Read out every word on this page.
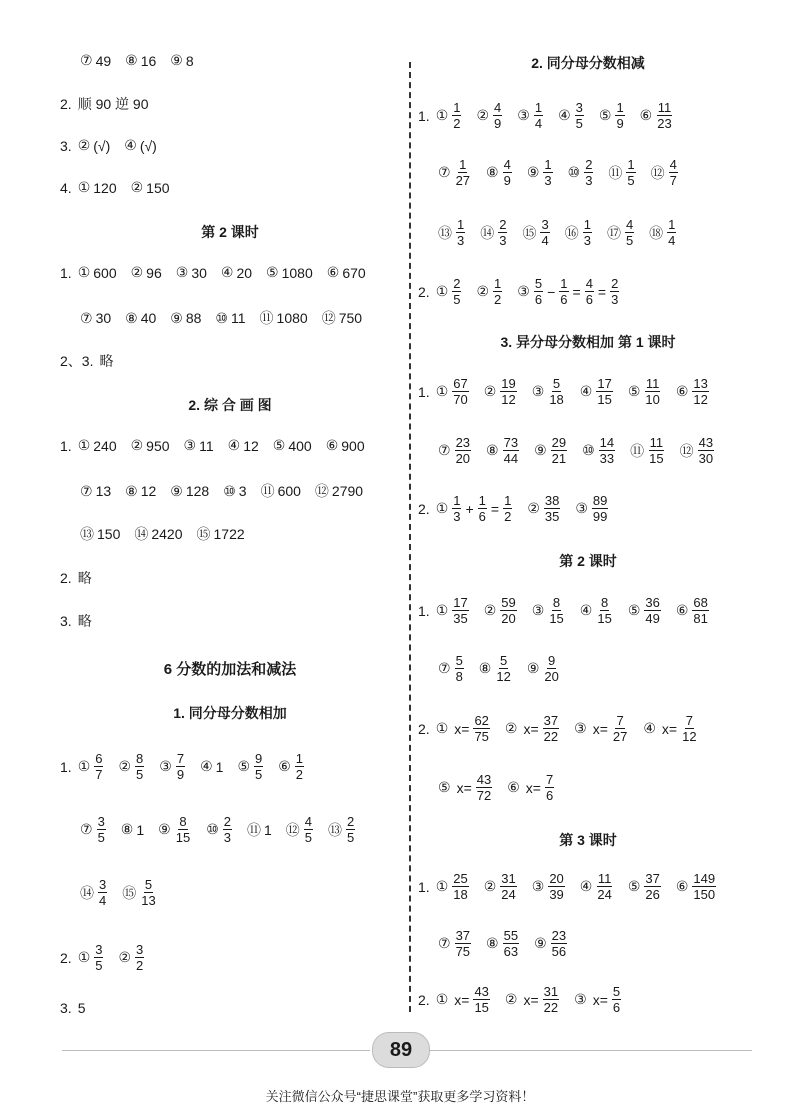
⑦ 49 ⑧ 16 ⑨ 8
2. 顺 90 逆 90
3. ② (√) ④ (√)
4. ① 120 ② 150
第 2 课时
1. ① 600 ② 96 ③ 30 ④ 20 ⑤ 1080 ⑥ 670
⑦ 30 ⑧ 40 ⑨ 88 ⑩ 11 ⑪ 1080 ⑫ 750
2、3. 略
2. 综 合 画 图
1. ① 240 ② 950 ③ 11 ④ 12 ⑤ 400 ⑥ 900
⑦ 13 ⑧ 12 ⑨ 128 ⑩ 3 ⑪ 600 ⑫ 2790
⑬ 150 ⑭ 2420 ⑮ 1722
2. 略
3. 略
6 分数的加法和减法
1. 同分母分数相加
1. ① $\frac{6}{7}$ ② $\frac{8}{5}$ ③ $\frac{7}{9}$ ④ 1 ⑤ $\frac{9}{5}$ ⑥ $\frac{1}{2}$
⑦ $\frac{3}{5}$ ⑧ 1 ⑨ $\frac{8}{15}$ ⑩ $\frac{2}{3}$ ⑪ 1 ⑫ $\frac{4}{5}$ ⑬ $\frac{2}{5}$
⑭ $\frac{3}{4}$ ⑮ $\frac{5}{13}$
2. ① $\frac{3}{5}$ ② $\frac{3}{2}$
3. 5
2. 同分母分数相减
1. ① $\frac{1}{2}$ ② $\frac{4}{9}$ ③ $\frac{1}{4}$ ④ $\frac{3}{5}$ ⑤ $\frac{1}{9}$ ⑥ $\frac{11}{23}$
⑦ $\frac{1}{27}$ ⑧ $\frac{4}{9}$ ⑨ $\frac{1}{3}$ ⑩ $\frac{2}{3}$ ⑪ $\frac{1}{5}$ ⑫ $\frac{4}{7}$
⑬ $\frac{1}{3}$ ⑭ $\frac{2}{3}$ ⑮ $\frac{3}{4}$ ⑯ $\frac{1}{3}$ ⑰ $\frac{4}{5}$ ⑱ $\frac{1}{4}$
2. ① $\frac{2}{5}$ ② $\frac{1}{2}$ ③ $\frac{5}{6} - \frac{1}{6} = \frac{4}{6} = \frac{2}{3}$
3. 异分母分数相加 第 1 课时
1. ① $\frac{67}{70}$ ② $\frac{19}{12}$ ③ $\frac{5}{18}$ ④ $\frac{17}{15}$ ⑤ $\frac{11}{10}$ ⑥ $\frac{13}{12}$
⑦ $\frac{23}{20}$ ⑧ $\frac{73}{44}$ ⑨ $\frac{29}{21}$ ⑩ $\frac{14}{33}$ ⑪ $\frac{11}{15}$ ⑫ $\frac{43}{30}$
2. ① $\frac{1}{3} + \frac{1}{6} = \frac{1}{2}$ ② $\frac{38}{35}$ ③ $\frac{89}{99}$
第 2 课时
1. ① $\frac{17}{35}$ ② $\frac{59}{20}$ ③ $\frac{8}{15}$ ④ $\frac{8}{15}$ ⑤ $\frac{36}{49}$ ⑥ $\frac{68}{81}$
⑦ $\frac{5}{8}$ ⑧ $\frac{5}{12}$ ⑨ $\frac{9}{20}$
2. ① $x= \frac{62}{75}$ ② $x= \frac{37}{22}$ ③ $x= \frac{7}{27}$ ④ $x= \frac{7}{12}$
⑤ $x= \frac{43}{72}$ ⑥ $x= \frac{7}{6}$
第 3 课时
1. ① $\frac{25}{18}$ ② $\frac{31}{24}$ ③ $\frac{20}{39}$ ④ $\frac{11}{24}$ ⑤ $\frac{37}{26}$ ⑥ $\frac{149}{150}$
⑦ $\frac{37}{75}$ ⑧ $\frac{55}{63}$ ⑨ $\frac{23}{56}$
2. ① $x= \frac{43}{15}$ ② $x= \frac{31}{22}$ ③ $x= \frac{5}{6}$
89
关注微信公众号“捷思课堂”获取更多学习资料！
